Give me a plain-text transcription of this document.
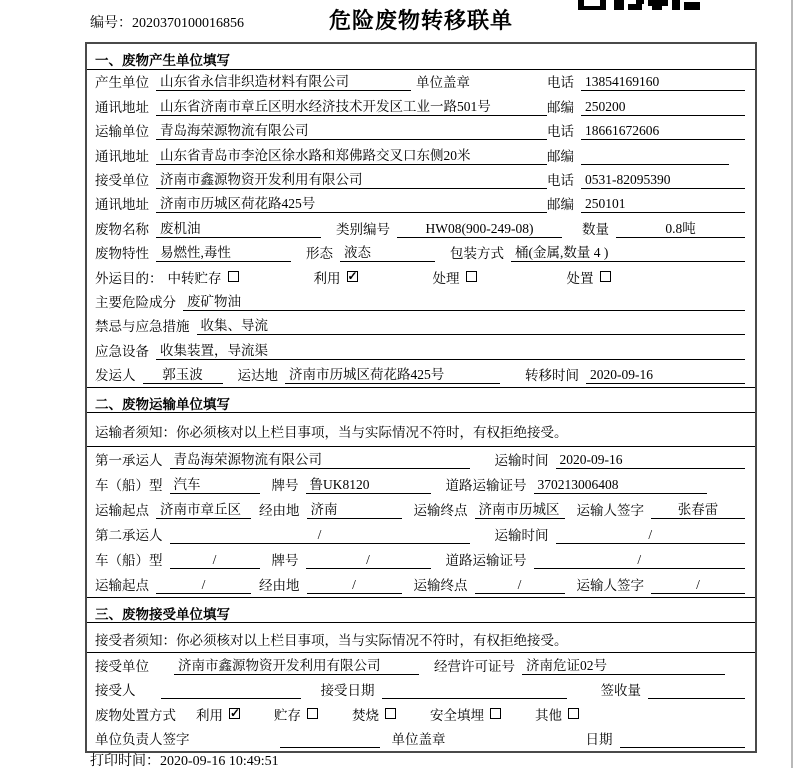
编号：2020370100016856	危险废物转移联单
一、废物产生单位填写
产生单位 山东省永信非织造材料有限公司	单位盖章	电话 13854169160
通讯地址 山东省济南市章丘区明水经济技术开发区工业一路501号	邮编 250200
运输单位 青岛海荣源物流有限公司	电话 18661672606
通讯地址 山东省青岛市李沧区徐水路和郑佛路交叉口东侧20米	邮编
接受单位 济南市鑫源物资开发利用有限公司	电话 0531-82095390
通讯地址 济南市历城区荷花路425号	邮编 250101
废物名称 废机油	类别编号	HW08(900-249-08)	数量	0.8吨
废物特性 易燃性,毒性	形态 液态	包装方式 桶(金属,数量 4 )
外运目的： 中转贮存	利用 ✓	处理	处置
主要危险成分 废矿物油
禁忌与应急措施 收集、导流
应急设备 收集装置，导流渠
发运人	郭玉波	运达地 济南市历城区荷花路425号	转移时间 2020-09-16
二、废物运输单位填写
运输者须知：你必须核对以上栏目事项，当与实际情况不符时，有权拒绝接受。
第一承运人 青岛海荣源物流有限公司	运输时间 2020-09-16
车（船）型 汽车	牌号 鲁UK8120	道路运输证号 370213006408
运输起点 济南市章丘区	经由地 济南	运输终点 济南市历城区	运输人签字	张春雷
第二承运人	/	运输时间	/
车（船）型	/	牌号	/	道路运输证号	/
运输起点	/	经由地	/	运输终点	/	运输人签字	/
三、废物接受单位填写
接受者须知：你必须核对以上栏目事项，当与实际情况不符时，有权拒绝接受。
接受单位 济南市鑫源物资开发利用有限公司	经营许可证号 济南危证02号
接受人	接受日期	签收量
废物处置方式 利用 ✓	贮存	焚烧	安全填埋	其他
单位负责人签字	单位盖章	日期
打印时间：2020-09-16 10:49:51
